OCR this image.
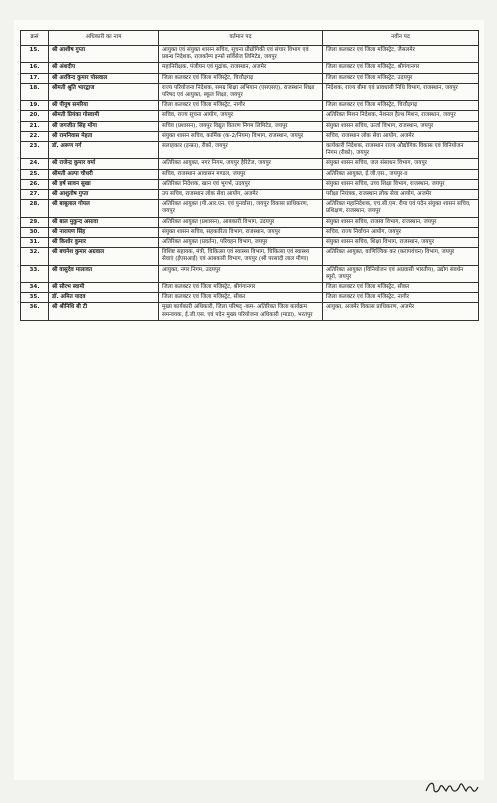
क्रसं	अधिकारी का नाम	वर्तमान पद	नवीन पद
15.	श्री आशीष गुप्ता	आयुक्त एवं संयुक्त शासन सचिव, सूचना प्रौद्योगिकी एवं संचार विभाग एवं प्रबन्ध निदेशक, राजकॉम्प इन्फो सर्विसेज लिमिटेड, जयपुर	जिला कलक्टर एवं जिला मजिस्ट्रेट, जैसलमेर
16.	श्री अंशदीप	महानिरीक्षक, पंजीयन एवं मुद्रांक, राजस्थान, अजमेर	जिला कलक्टर एवं जिला मजिस्ट्रेट, श्रीगंगानगर
17.	श्री अरविन्द कुमार पोसवाल	जिला कलक्टर एवं जिला मजिस्ट्रेट, चित्तौड़गढ़	जिला कलक्टर एवं जिला मजिस्ट्रेट, उदयपुर
18.	श्रीमती श्रुति भारद्वाज	राज्य परियोजना निदेशक, समग्र शिक्षा अभियान (एसएसए), राजस्थान शिक्षा परिषद एवं आयुक्त, स्कूल शिक्षा, जयपुर	निदेशक, राज्य बीमा एवं प्रावधायी निधि विभाग, राजस्थान, जयपुर
19.	श्री पीयुष समरिया	जिला कलक्टर एवं जिला मजिस्ट्रेट, नागौर	जिला कलक्टर एवं जिला मजिस्ट्रेट, चित्तौड़गढ़
20.	श्रीमती प्रियंका गोस्वामी	सचिव, राज्य सूचना आयोग, जयपुर	अतिरिक्त मिशन निदेशक, नेशनल हैल्थ मिशन, राजस्थान, जयपुर
21.	श्री जगजीत सिंह मोंगा	सचिव (प्रशासन), जयपुर विद्युत वितरण निगम लिमिटेड, जयपुर	संयुक्त शासन सचिव, ऊर्जा विभाग, राजस्थान, जयपुर
22.	श्री रामनिवास मेहता	संयुक्त शासन सचिव, कार्मिक (क-2/नियम) विभाग, राजस्थान, जयपुर	सचिव, राजस्थान लोक सेवा आयोग, अजमेर
23.	डॉ. अरूण गर्ग	सलाहकार (इन्फ्रा), रीको, जयपुर	कार्यकारी निदेशक, राजस्थान राज्य औद्योगिक विकास एवं विनियोजन निगम (रीको), जयपुर
24.	श्री राजेन्द्र कुमार वर्मा	अतिरिक्त आयुक्त, नगर निगम, जयपुर हैरिटेज, जयपुर	संयुक्त शासन सचिव, जल संसाधन विभाग, जयपुर
25.	श्रीमती अल्पा चौधरी	सचिव, राजस्थान आवासन मण्डल, जयपुर	अतिरिक्त आयुक्त, ई.जी.एस., जयपुर-II
26.	श्री हर्ष सावन सुखा	अतिरिक्त निदेशक, खान एवं भूगर्भ, उदयपुर	संयुक्त शासन सचिव, उच्च शिक्षा विभाग, राजस्थान, जयपुर
27.	श्री आशुतोष गुप्ता	उप सचिव, राजस्थान लोक सेवा आयोग, अजमेर	परीक्षा नियंत्रक, राजस्थान लोक सेवा आयोग, अजमेर
28.	श्री बाबूलाल गोयल	अतिरिक्त आयुक्त (पी.आर.एन. एवं पुनर्वास), जयपुर विकास प्राधिकरण, जयपुर	अतिरिक्त महानिदेशक, एच.सी.एम. रीपा एवं पदेन संयुक्त शासन सचिव, प्रशिक्षण, राजस्थान, जयपुर
29.	श्री बाल मुकुन्द असावा	अतिरिक्त आयुक्त (प्रशासन), आबकारी विभाग, उदयपुर	संयुक्त शासन सचिव, राजस्व विभाग, राजस्थान, जयपुर
30.	श्री नारायण सिंह	संयुक्त शासन सचिव, सहकारिता विभाग, राजस्थान, जयपुर	सचिव, राज्य निर्वाचन आयोग, जयपुर
31.	श्री किशोर कुमार	अतिरिक्त आयुक्त (प्रवर्तन), परिवहन विभाग, जयपुर	संयुक्त शासन सचिव, शिक्षा विभाग, राजस्थान, जयपुर
32.	श्री बचनेश कुमार अग्रवाल	विशिष्ट सहायक, मंत्री, चिकित्सा एवं स्वास्थ्य विभाग, चिकित्सा एवं स्वास्थ्य सेवाएं (ईएसआई) एवं आबकारी विभाग, जयपुर (श्री परसादी लाल मीणा)	अतिरिक्त आयुक्त, वाणिज्यिक कर (करापवंचन) विभाग, जयपुर
33.	श्री वासुदेव मालावत	आयुक्त, नगर निगम, उदयपुर	अतिरिक्त आयुक्त (विनियोजन एवं अप्रवासी भारतीय), उद्योग संवर्धन ब्यूरो, जयपुर
34.	श्री सौरभ स्वामी	जिला कलक्टर एवं जिला मजिस्ट्रेट, श्रीगंगानगर	जिला कलक्टर एवं जिला मजिस्ट्रेट, सीकर
35.	डॉ. अमित यादव	जिला कलक्टर एवं जिला मजिस्ट्रेट, सीकर	जिला कलक्टर एवं जिला मजिस्ट्रेट, नागौर
36.	श्री श्रीनिधि बी टी	मुख्य कार्यकारी अधिकारी, जिला परिषद् -कम- अतिरिक्त जिला कार्यक्रम समन्वयक, ई.जी.एस. एवं पदेन मुख्य परियोजना अधिकारी (माडा), भरतपुर	आयुक्त, अजमेर विकास प्राधिकरण, अजमेर
